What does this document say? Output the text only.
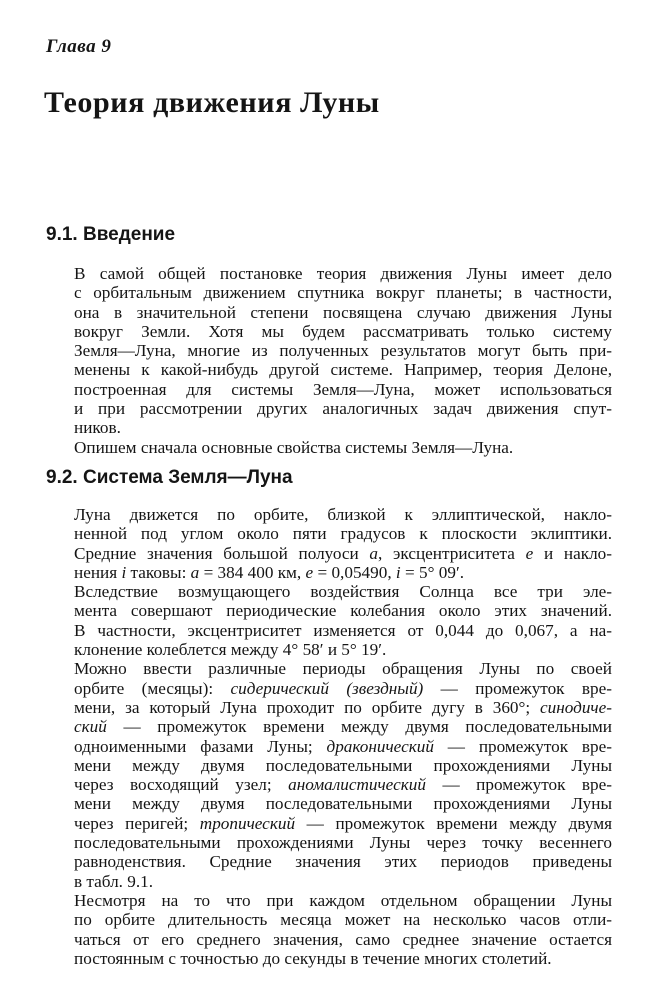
Глава 9
Теория движения Луны
9.1. Введение

В самой общей постановке теория движения Луны имеет дело
с орбитальным движением спутника вокруг планеты; в частности,
она в значительной степени посвящена случаю движения Луны
вокруг Земли. Хотя мы будем рассматривать только систему
Земля—Луна, многие из полученных результатов могут быть при-
менены к какой-нибудь другой системе. Например, теория Делоне,
построенная для системы Земля—Луна, может использоваться
и при рассмотрении других аналогичных задач движения спут-
ников.

Опишем сначала основные свойства системы Земля—Луна.

9.2. Система Земля—Луна

Луна движется по орбите, близкой к эллиптической, накло-
ненной под углом около пяти градусов к плоскости эклиптики.
Средние значения большой полуоси a, эксцентриситета e и накло-
нения i таковы: a = 384 400 км, e = 0,05490, i = 5° 09′.

Вследствие возмущающего воздействия Солнца все три эле-
мента совершают периодические колебания около этих значений.
В частности, эксцентриситет изменяется от 0,044 до 0,067, а на-
клонение колеблется между 4° 58′ и 5° 19′.

Можно ввести различные периоды обращения Луны по своей
орбите (месяцы): сидерический (звездный) — промежуток вре-
мени, за который Луна проходит по орбите дугу в 360°; синодиче-
ский — промежуток времени между двумя последовательными
одноименными фазами Луны; драконический — промежуток вре-
мени между двумя последовательными прохождениями Луны
через восходящий узел; аномалистический — промежуток вре-
мени между двумя последовательными прохождениями Луны
через перигей; тропический — промежуток времени между двумя
последовательными прохождениями Луны через точку весеннего
равноденствия. Средние значения этих периодов приведены
в табл. 9.1.

Несмотря на то что при каждом отдельном обращении Луны
по орбите длительность месяца может на несколько часов отли-
чаться от его среднего значения, само среднее значение остается
постоянным с точностью до секунды в течение многих столетий.
